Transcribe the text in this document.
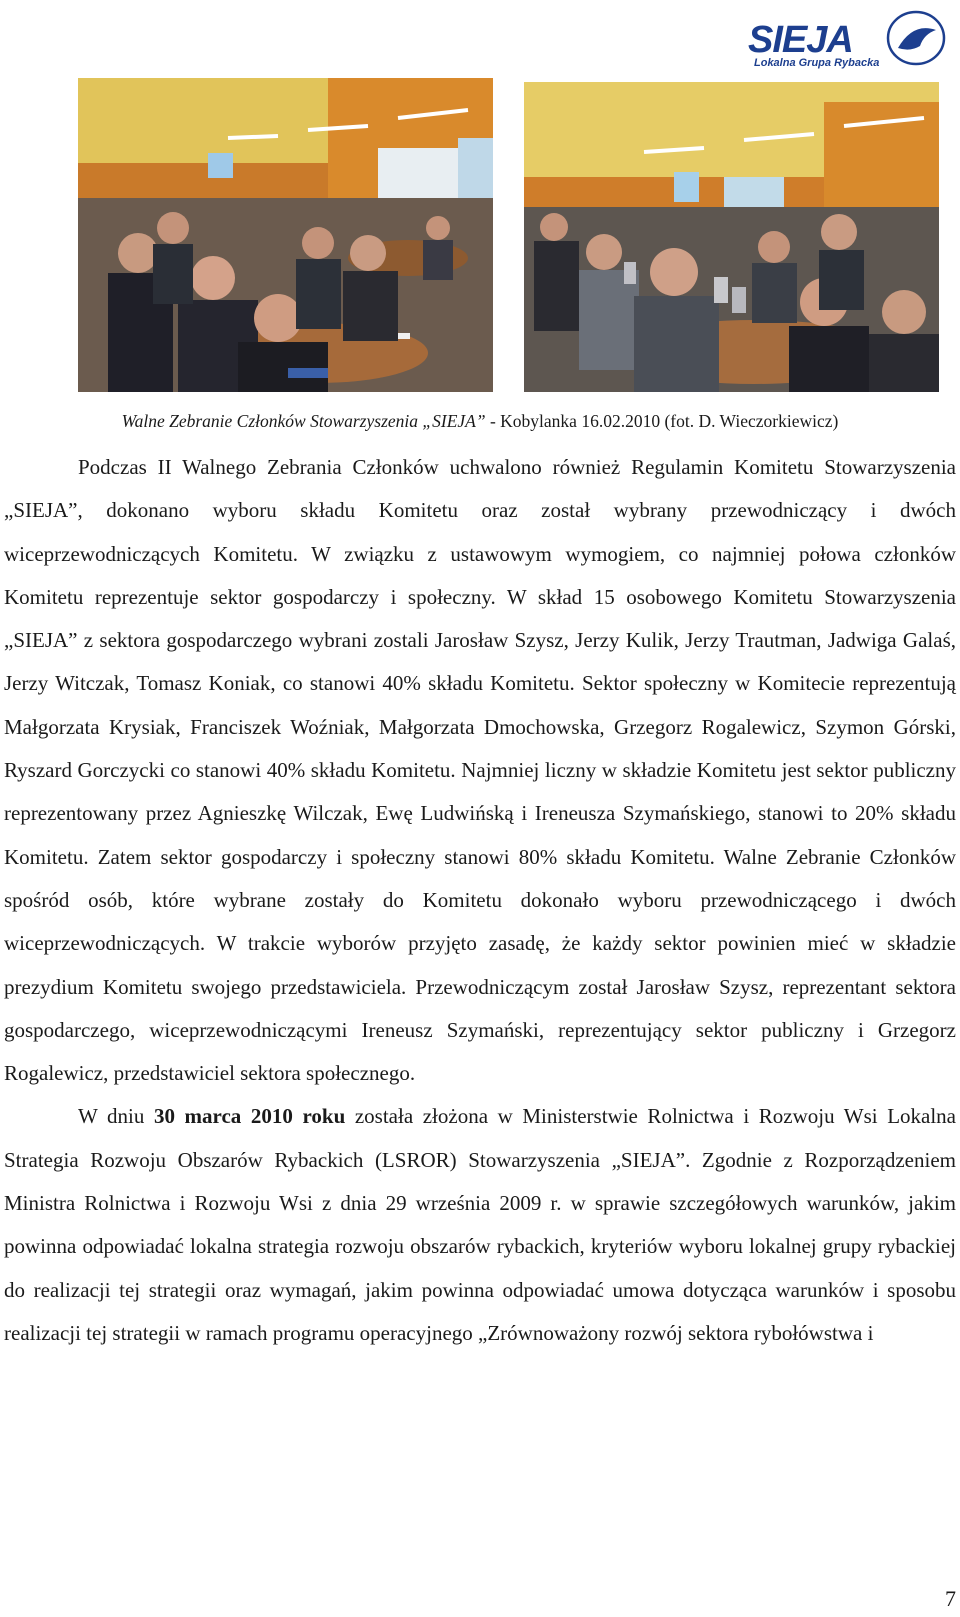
SIEJA
Lokalna Grupa Rybacka
Walne Zebranie Członków Stowarzyszenia „SIEJA” - Kobylanka 16.02.2010 (fot. D. Wieczorkiewicz)

Podczas II Walnego Zebrania Członków uchwalono również Regulamin Komitetu Stowarzyszenia „SIEJA”, dokonano wyboru składu Komitetu oraz został wybrany przewodniczący i dwóch wiceprzewodniczących Komitetu. W związku z ustawowym wymogiem, co najmniej połowa członków Komitetu reprezentuje sektor gospodarczy i społeczny. W skład 15 osobowego Komitetu Stowarzyszenia „SIEJA” z sektora gospodarczego wybrani zostali Jarosław Szysz, Jerzy Kulik, Jerzy Trautman, Jadwiga Galaś, Jerzy Witczak, Tomasz Koniak, co stanowi 40% składu Komitetu. Sektor społeczny w Komitecie reprezentują Małgorzata Krysiak, Franciszek Woźniak, Małgorzata Dmochowska, Grzegorz Rogalewicz, Szymon Górski, Ryszard Gorczycki co stanowi 40% składu Komitetu. Najmniej liczny w składzie Komitetu jest sektor publiczny reprezentowany przez Agnieszkę Wilczak, Ewę Ludwińską i Ireneusza Szymańskiego, stanowi to 20% składu Komitetu. Zatem sektor gospodarczy i społeczny stanowi 80% składu Komitetu. Walne Zebranie Członków spośród osób, które wybrane zostały do Komitetu dokonało wyboru przewodniczącego i dwóch wiceprzewodniczących. W trakcie wyborów przyjęto zasadę, że każdy sektor powinien mieć w składzie prezydium Komitetu swojego przedstawiciela. Przewodniczącym został Jarosław Szysz, reprezentant sektora gospodarczego, wiceprzewodniczącymi Ireneusz Szymański, reprezentujący sektor publiczny i Grzegorz Rogalewicz, przedstawiciel sektora społecznego.

W dniu 30 marca 2010 roku została złożona w Ministerstwie Rolnictwa i Rozwoju Wsi Lokalna Strategia Rozwoju Obszarów Rybackich (LSROR) Stowarzyszenia „SIEJA”. Zgodnie z Rozporządzeniem Ministra Rolnictwa i Rozwoju Wsi z dnia 29 września 2009 r. w sprawie szczegółowych warunków, jakim powinna odpowiadać lokalna strategia rozwoju obszarów rybackich, kryteriów wyboru lokalnej grupy rybackiej do realizacji tej strategii oraz wymagań, jakim powinna odpowiadać umowa dotycząca warunków i sposobu realizacji tej strategii w ramach programu operacyjnego „Zrównoważony rozwój sektora rybołówstwa i

7
